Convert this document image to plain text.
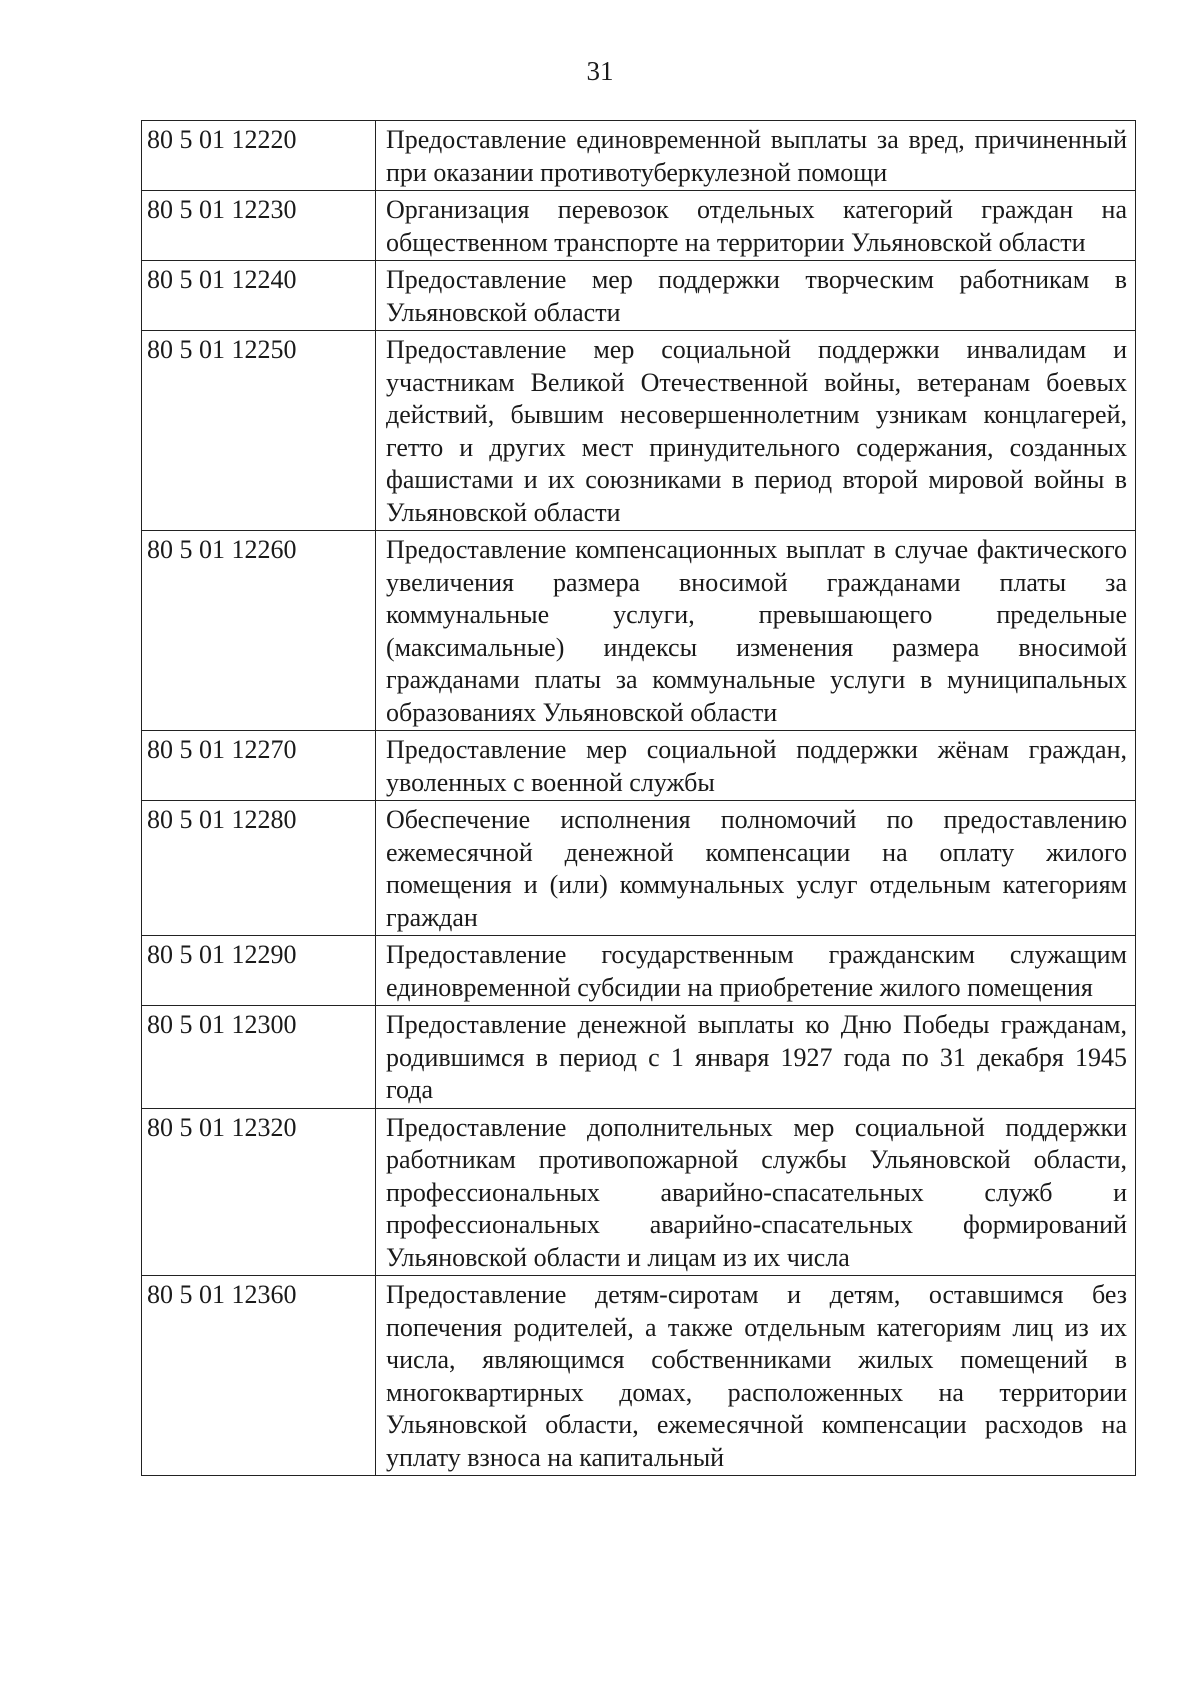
31
80 5 01 12220	Предоставление единовременной выплаты за вред, причиненный при оказании противотуберкулезной помощи
80 5 01 12230	Организация перевозок отдельных категорий граждан на общественном транспорте на территории Ульяновской области
80 5 01 12240	Предоставление мер поддержки творческим работникам в Ульяновской области
80 5 01 12250	Предоставление мер социальной поддержки инвалидам и участникам Великой Отечественной войны, ветеранам боевых действий, бывшим несовершеннолетним узникам концлагерей, гетто и других мест принудительного содержания, созданных фашистами и их союзниками в период второй мировой войны в Ульяновской области
80 5 01 12260	Предоставление компенсационных выплат в случае фактического увеличения размера вносимой гражданами платы за коммунальные услуги, превышающего предельные (максимальные) индексы изменения размера вносимой гражданами платы за коммунальные услуги в муниципальных образованиях Ульяновской области
80 5 01 12270	Предоставление мер социальной поддержки жёнам граждан, уволенных с военной службы
80 5 01 12280	Обеспечение исполнения полномочий по предоставлению ежемесячной денежной компенсации на оплату жилого помещения и (или) коммунальных услуг отдельным категориям граждан
80 5 01 12290	Предоставление государственным гражданским служащим единовременной субсидии на приобретение жилого помещения
80 5 01 12300	Предоставление денежной выплаты ко Дню Победы гражданам, родившимся в период с 1 января 1927 года по 31 декабря 1945 года
80 5 01 12320	Предоставление дополнительных мер социальной поддержки работникам противопожарной службы Ульяновской области, профессиональных аварийно-спасательных служб и профессиональных аварийно-спасательных формирований Ульяновской области и лицам из их числа
80 5 01 12360	Предоставление детям-сиротам и детям, оставшимся без попечения родителей, а также отдельным категориям лиц из их числа, являющимся собственниками жилых помещений в многоквартирных домах, расположенных на территории Ульяновской области, ежемесячной компенсации расходов на уплату взноса на капитальный
